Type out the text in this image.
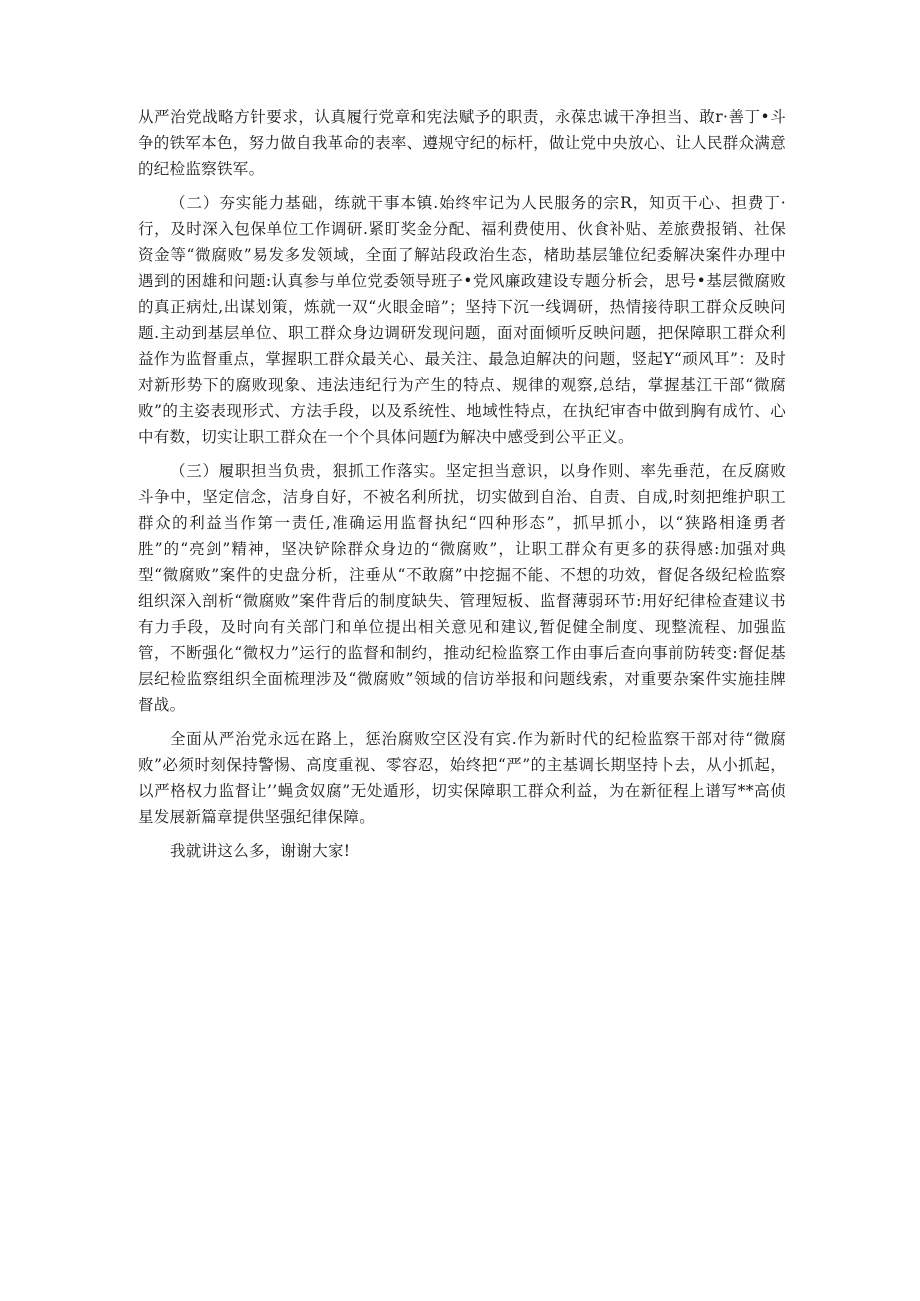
从严治党战略方针要求，认真履行党章和宪法赋予的职责，永葆忠诚干净担当、敢r·善丁•斗争的铁军本色，努力做自我革命的表率、遵规守纪的标杆，做让党中央放心、让人民群众满意的纪检监察铁军。

（二）夯实能力基础，练就干事本镇.始终牢记为人民服务的宗R，知页干心、担费丁·行，及时深入包保单位工作调研.紧盯奖金分配、福利费使用、伙食补贴、差旅费报销、社保资金等“微腐败”易发多发领域，全面了解站段政治生态，楮助基层雏位纪委解决案件办理中遇到的困雄和问题:认真参与单位党委领导班子•党风廉政建设专题分析会，思号•基层微腐败的真正病灶,出谋划策，炼就一双“火眼金暗”；坚持下沉一线调研，热情接待职工群众反映问题.主动到基层单位、职工群众身边调研发现问题，面对面倾听反映问题，把保障职工群众利益作为监督重点，掌握职工群众最关心、最关注、最急迫解决的问题，竖起Y“顽风耳”：及时对新形势下的腐败现象、违法违纪行为产生的特点、规律的观察,总结，掌握基江干部“微腐败”的主姿表现形式、方法手段，以及系统性、地域性特点，在执纪审杳中做到胸有成竹、心中有数，切实让职工群众在一个个具体问题f为解决中感受到公平正义。

（三）履职担当负贵，狠抓工作落实。坚定担当意识，以身作则、率先垂范，在反腐败斗争中，坚定信念，洁身自好，不被名利所扰，切实做到自治、自责、自成,时刻把维护职工群众的利益当作第一责任,准确运用监督执纪“四种形态”，抓早抓小，以“狭路相逢勇者胜”的“亮剑”精神，坚决铲除群众身边的“微腐败”，让职工群众有更多的获得感:加强对典型“微腐败”案件的史盘分析，注垂从“不敢腐”中挖掘不能、不想的功效，督促各级纪检监察组织深入剖析“微腐败”案件背后的制度缺失、管理短板、监督薄弱环节:用好纪律检查建议书有力手段，及时向有关部门和单位提出相关意见和建议,暂促健全制度、现整流程、加强监管，不断强化“微权力”运行的监督和制约，推动纪检监察工作由事后查向事前防转变:督促基层纪检监察组织全面梳理涉及“微腐败”领域的信访举报和问题线索，对重要杂案件实施挂牌督战。

全面从严治党永远在路上，惩治腐败空区没有宾.作为新时代的纪检监察干部对待“微腐败”必须时刻保持警惕、高度重视、零容忍，始终把“严”的主基调长期坚持卜去，从小抓起，以严格权力监督让’’蝇贪奴腐”无处遁形，切实保障职工群众利益，为在新征程上谱写**高侦星发展新篇章提供坚强纪律保障。

我就讲这么多，谢谢大家!
